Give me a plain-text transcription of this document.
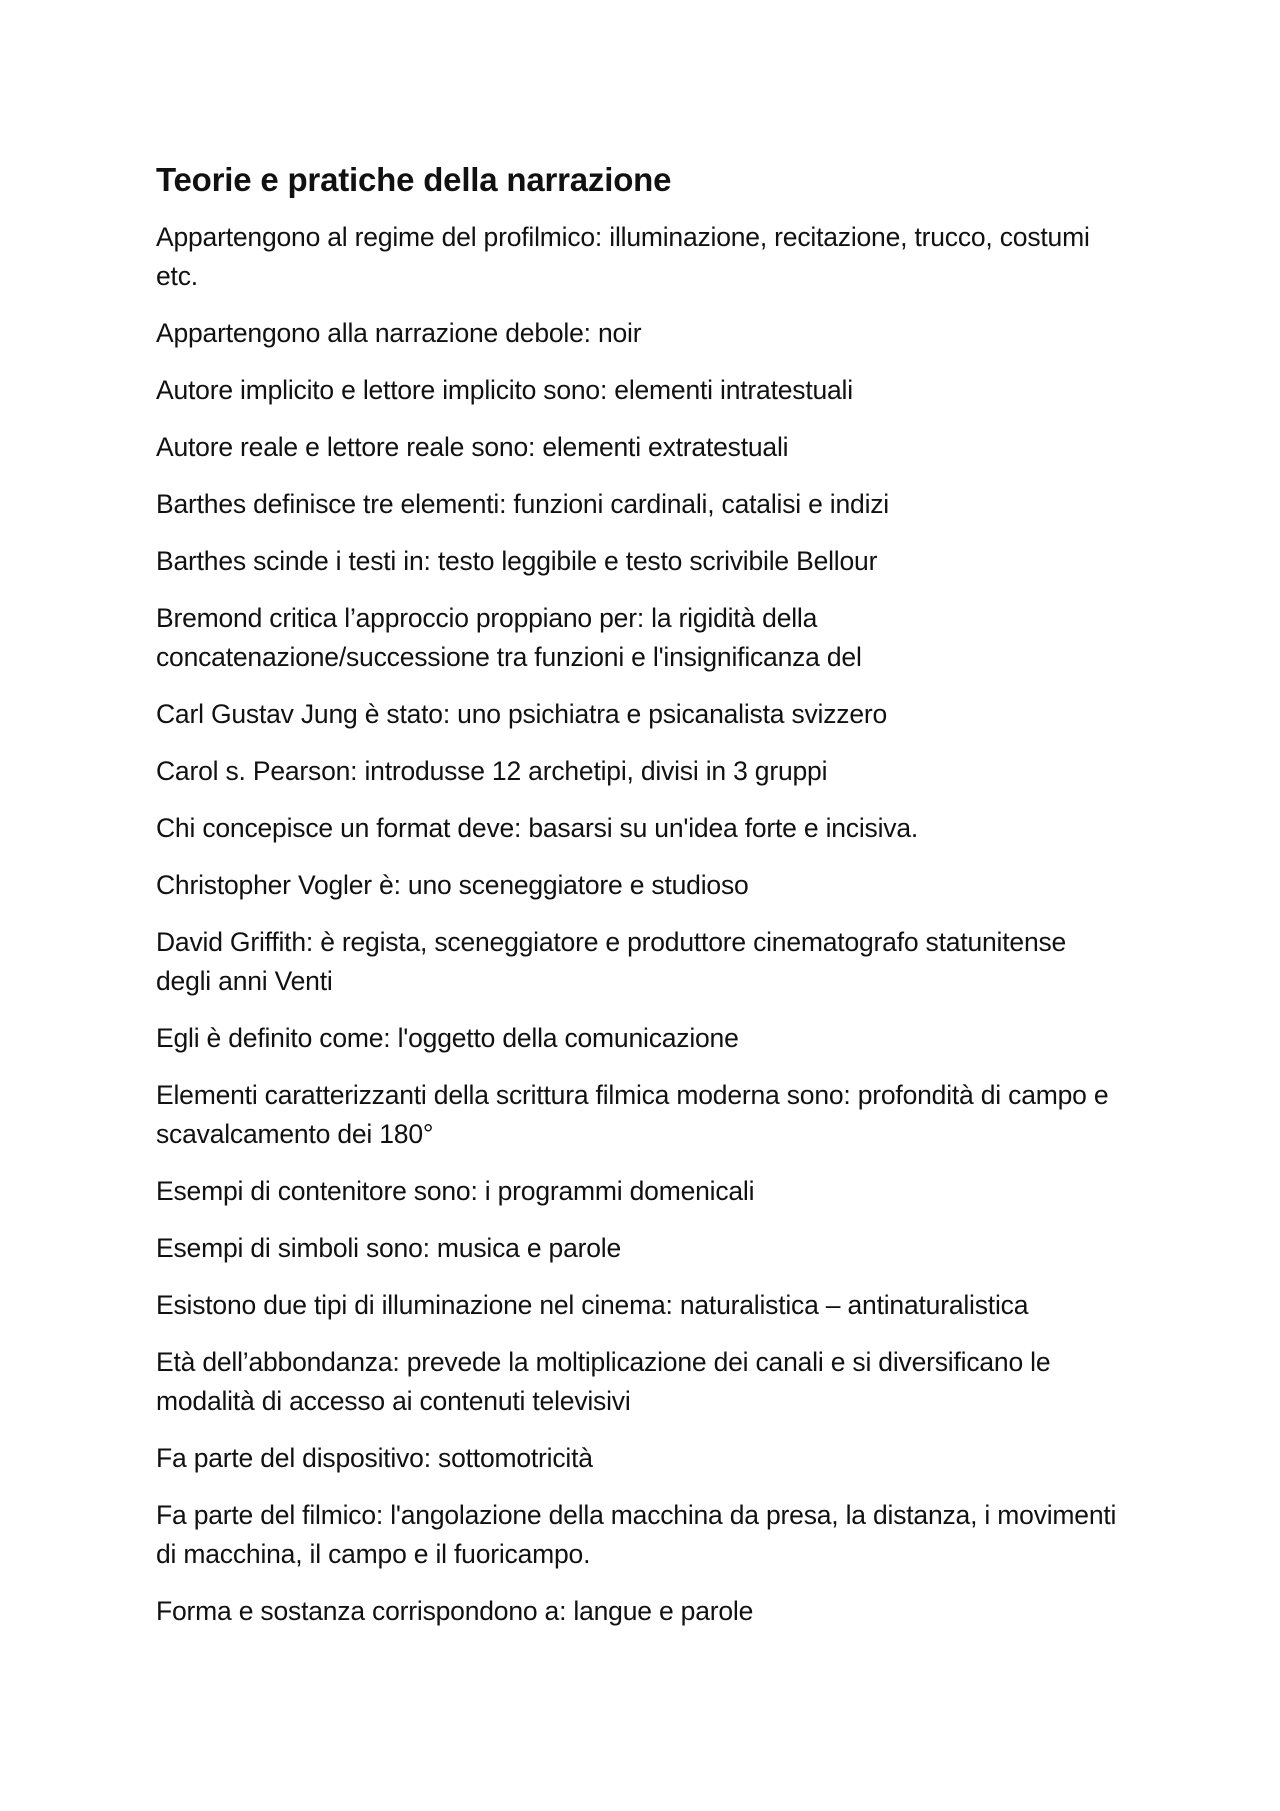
Teorie e pratiche della narrazione

Appartengono al regime del profilmico: illuminazione, recitazione, trucco, costumi etc.

Appartengono alla narrazione debole: noir

Autore implicito e lettore implicito sono: elementi intratestuali

Autore reale e lettore reale sono: elementi extratestuali

Barthes definisce tre elementi: funzioni cardinali, catalisi e indizi

Barthes scinde i testi in: testo leggibile e testo scrivibile Bellour

Bremond critica l’approccio proppiano per: la rigidità della concatenazione/successione tra funzioni e l'insignificanza del

Carl Gustav Jung è stato: uno psichiatra e psicanalista svizzero

Carol s. Pearson: introdusse 12 archetipi, divisi in 3 gruppi

Chi concepisce un format deve: basarsi su un'idea forte e incisiva.

Christopher Vogler è: uno sceneggiatore e studioso

David Griffith: è regista, sceneggiatore e produttore cinematografo statunitense degli anni Venti

Egli è definito come: l'oggetto della comunicazione

Elementi caratterizzanti della scrittura filmica moderna sono: profondità di campo e scavalcamento dei 180°

Esempi di contenitore sono: i programmi domenicali

Esempi di simboli sono: musica e parole

Esistono due tipi di illuminazione nel cinema: naturalistica – antinaturalistica

Età dell’abbondanza: prevede la moltiplicazione dei canali e si diversificano le modalità di accesso ai contenuti televisivi

Fa parte del dispositivo: sottomotricità

Fa parte del filmico: l'angolazione della macchina da presa, la distanza, i movimenti di macchina, il campo e il fuoricampo.

Forma e sostanza corrispondono a: langue e parole
